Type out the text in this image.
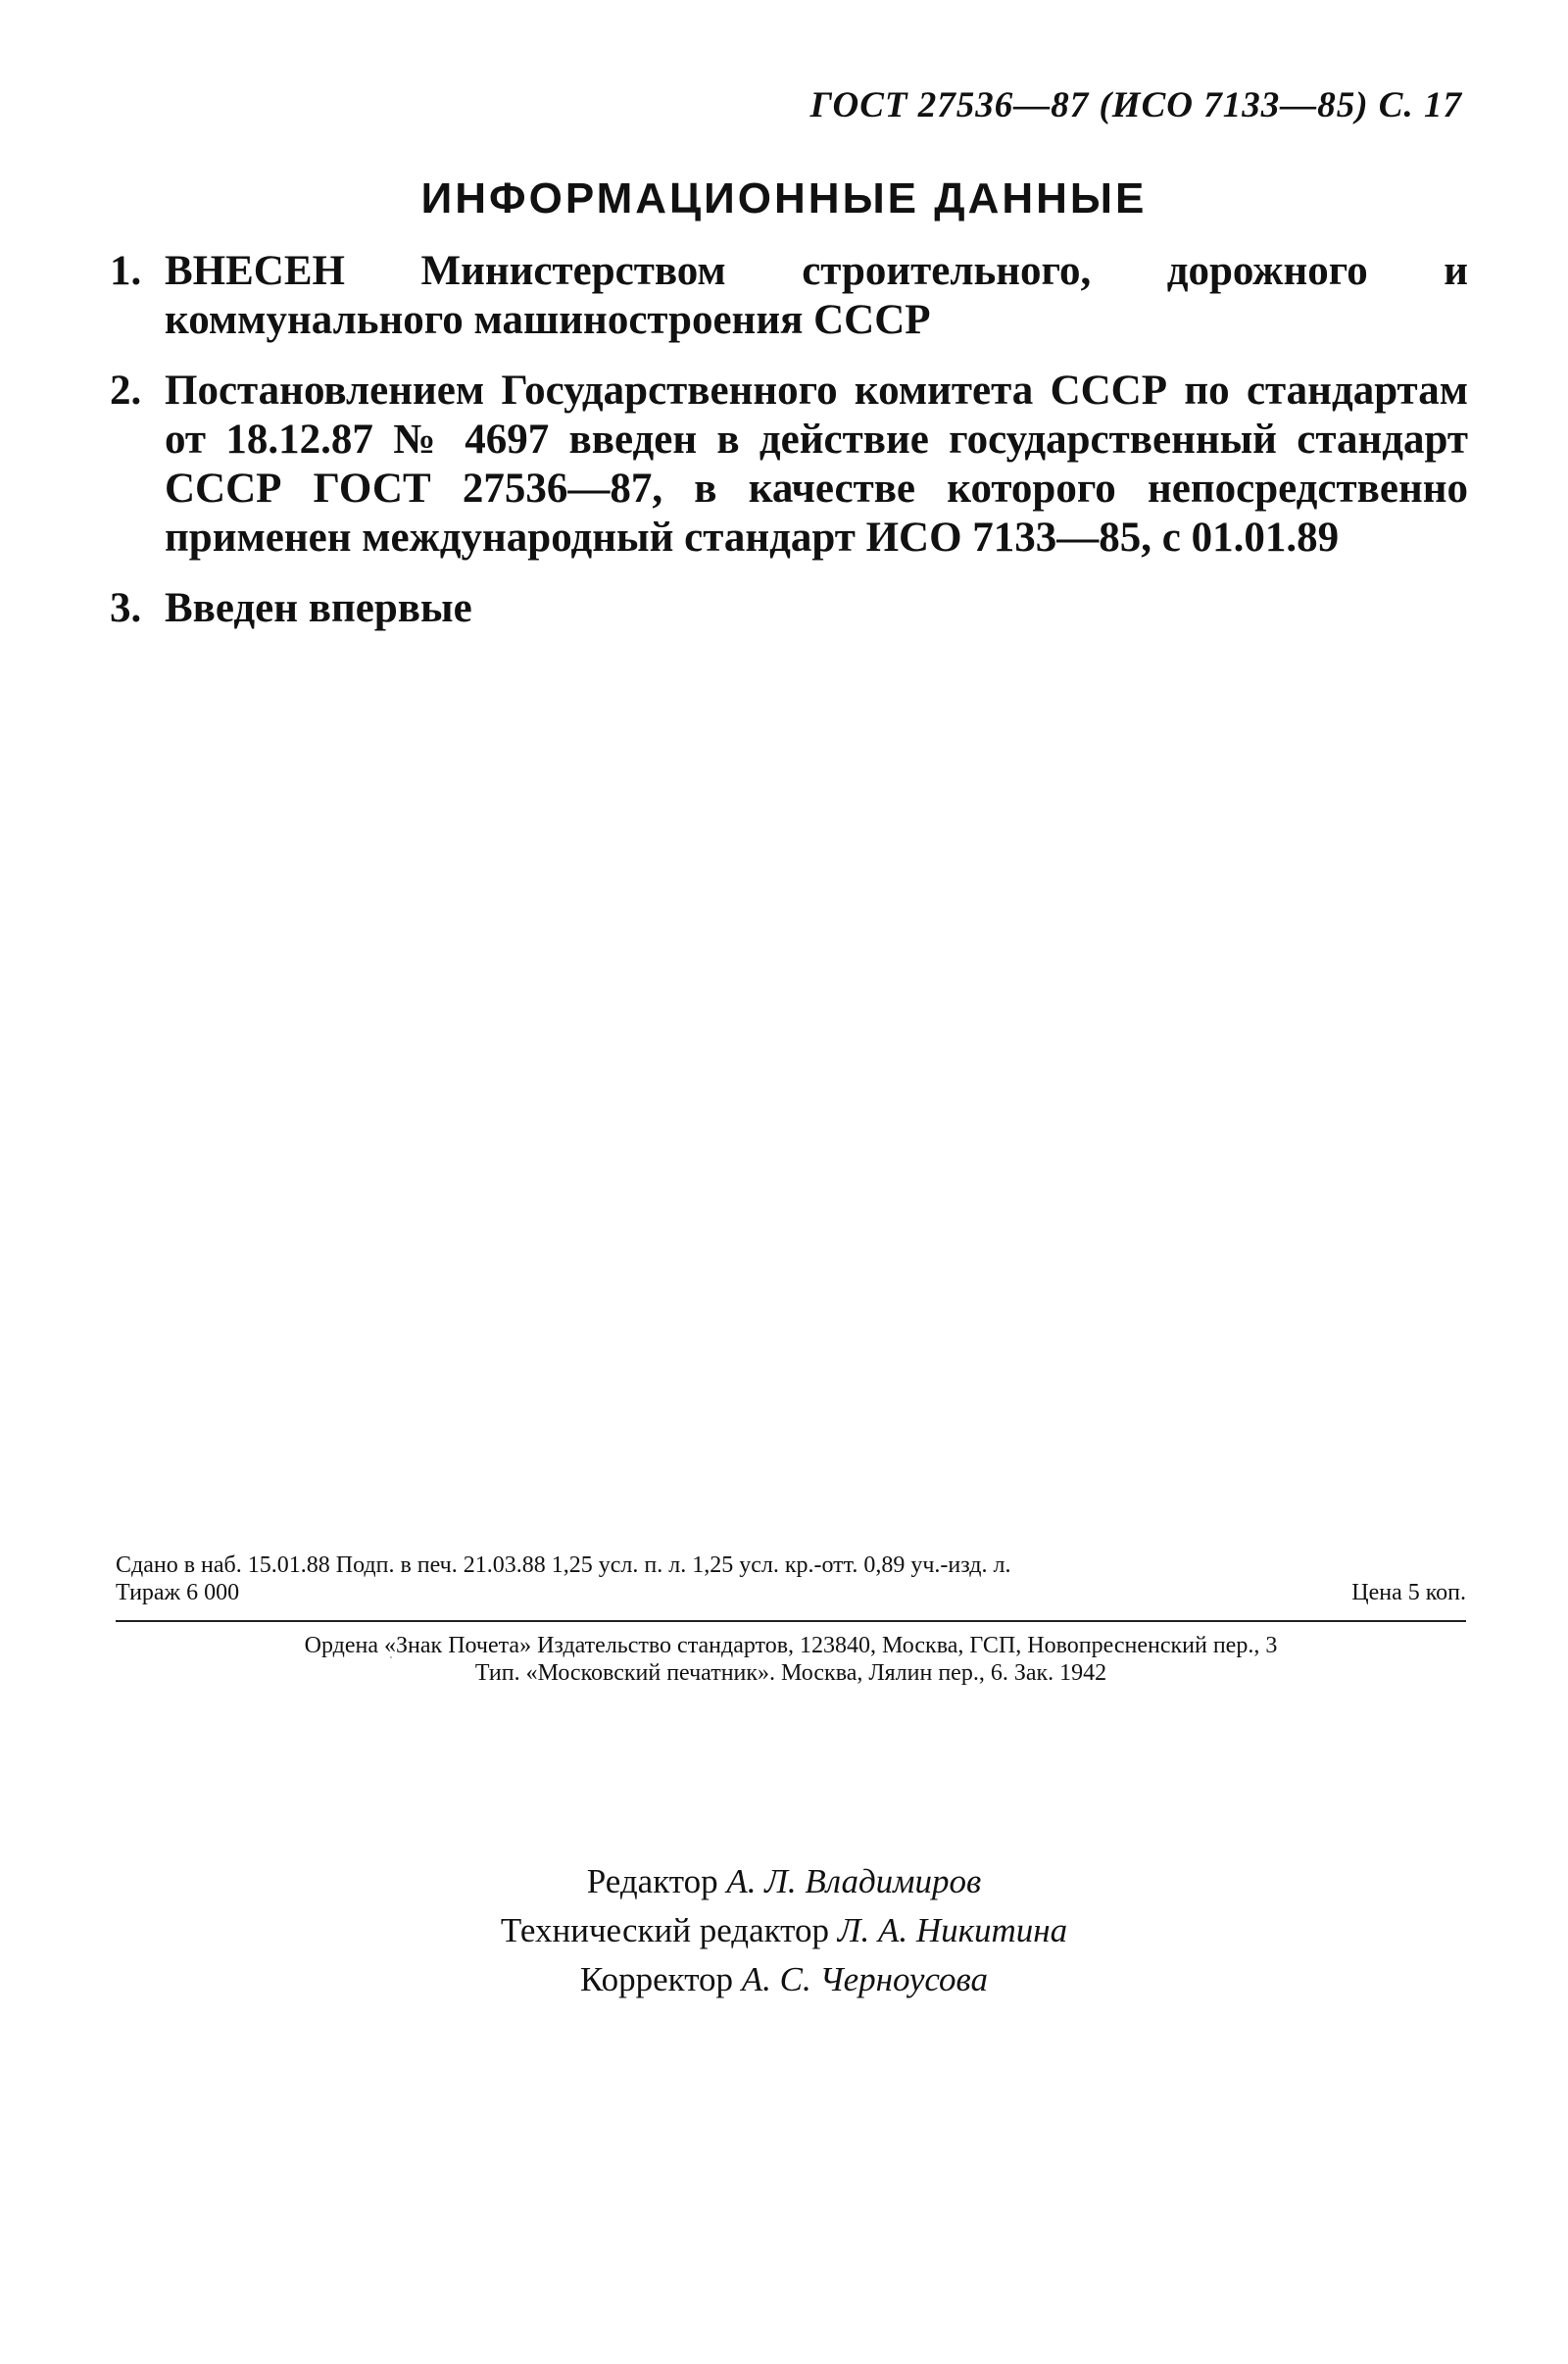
ГОСТ 27536—87 (ИСО 7133—85) С. 17
ИНФОРМАЦИОННЫЕ ДАННЫЕ
1. ВНЕСЕН Министерством строительного, дорожного и коммунального машиностроения СССР
2. Постановлением Государственного комитета СССР по стандартам от 18.12.87 № 4697 введен в действие государственный стандарт СССР ГОСТ 27536—87, в качестве которого непосредственно применен международный стандарт ИСО 7133—85, с 01.01.89
3. Введен впервые
Редактор А. Л. Владимиров
Технический редактор Л. А. Никитина
Корректор А. С. Черноусова
Сдано в наб. 15.01.88 Подп. в печ. 21.03.88 1,25 усл. п. л. 1,25 усл. кр.-отт. 0,89 уч.-изд. л.
Тираж 6 000	Цена 5 коп.
Ордена «Знак Почета» Издательство стандартов, 123840, Москва, ГСП, Новопресненский пер., 3
Тип. «Московский печатник». Москва, Лялин пер., 6. Зак. 1942
